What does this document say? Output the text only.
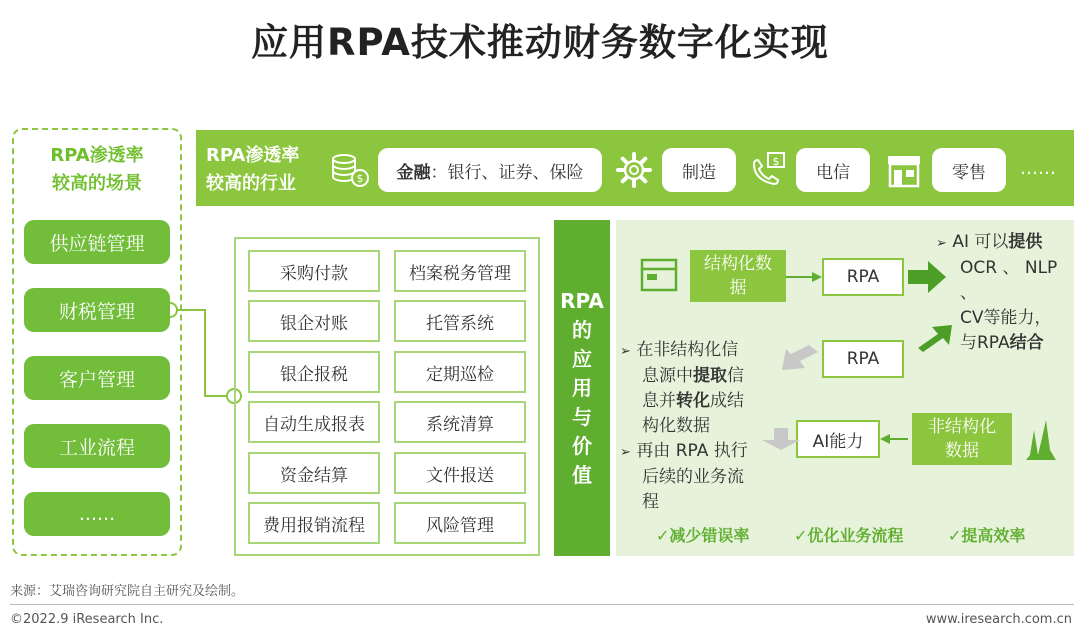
应用RPA技术推动财务数字化实现
RPA渗透率
较高的场景
供应链管理
财税管理
客户管理
工业流程
......
RPA渗透率
较高的行业	$ 金融 ：银行、证券、保险	制造
$
电信	零售	……
采购付款
银企对账
银企报税
自动生成报表
资金结算
费用报销流程
档案税务管理
托管系统
定期巡检
系统清算
文件报送
风险管理
RPA
的
应
用
与
价
值
结构化数
据
RPA
RPA
AI能力
非结构化
数据
➢ AI 可以提供
OCR 、 NLP 、
CV等能力，
与RPA结合
➢ 在非结构化信
息源中提取信
息并转化成结
构化数据
➢ 再由 RPA 执行
后续的业务流
程
✓减少错误率	✓优化业务流程	✓提高效率
来源：艾瑞咨询研究院自主研究及绘制。
©2022.9 iResearch Inc.	www.iresearch.com.cn
